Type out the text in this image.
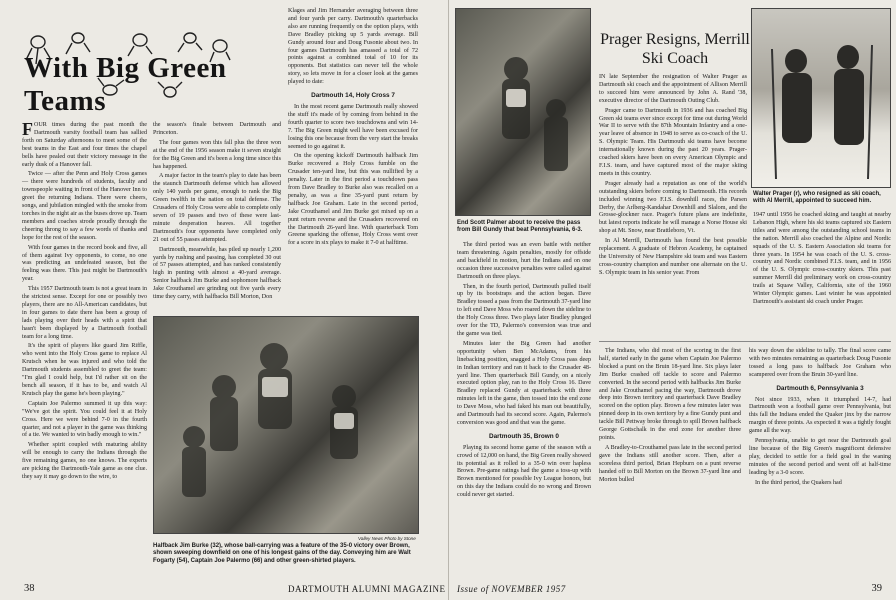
With Big Green Teams

FOUR times during the past month the Dartmouth varsity football team has sallied forth on Saturday afternoons to meet some of the best teams in the East and four times the chapel bells have pealed out their victory message in the early dusk of a Hanover fall.

Twice — after the Penn and Holy Cross games — there were hundreds of students, faculty and townspeople waiting in front of the Hanover Inn to greet the returning Indians. There were cheers, songs, and jubilation mingled with the smoke from torches in the night air as the buses drove up. Team members and coaches strode proudly through the cheering throng to say a few words of thanks and hope for the rest of the season.

With four games in the record book and five, all of them against Ivy opponents, to come, no one was predicting an undefeated season, but the feeling was there. This just might be Dartmouth's year.

This 1957 Dartmouth team is not a great team in the strictest sense. Except for one or possibly two players, there are no All-American candidates, but in four games to date there has been a group of lads playing over their heads with a spirit that hasn't been displayed by a Dartmouth football team for a long time.

It's the spirit of players like guard Jim Riffle, who went into the Holy Cross game to replace Al Krutsch when he was injured and who told the Dartmouth students assembled to greet the team: "I'm glad I could help, but I'd rather sit on the bench all season, if it has to be, and watch Al Krutsch play the game he's been playing."

Captain Joe Palermo summed it up this way: "We've got the spirit. You could feel it at Holy Cross. Here we were behind 7-0 in the fourth quarter, and not a player in the game was thinking of a tie. We wanted to win badly enough to win."

Whether spirit coupled with maturing ability will be enough to carry the Indians through the five remaining games, no one knows. The experts are picking the Dartmouth-Yale game as one clue. they say it may go down to the wire, to

the season's finale between Dartmouth and Princeton.

The four games won this fall plus the three won at the end of the 1956 season make it seven straight for the Big Green and it's been a long time since this has happened.

A major factor in the team's play to date has been the staunch Dartmouth defense which has allowed only 140 yards per game, enough to rank the Big Green twelfth in the nation on total defense. The Crusaders of Holy Cross were able to complete only seven of 19 passes and two of these were last-minute desperation heaves. All together Dartmouth's four opponents have completed only 21 out of 55 passes attempted.

Dartmouth, meanwhile, has piled up nearly 1,200 yards by rushing and passing, has completed 30 out of 57 passes attempted, and has ranked consistently high in punting with almost a 40-yard average. Senior halfback Jim Burke and sophomore halfback Jake Crouthamel are grinding out five yards every time they carry, with halfbacks Bill Morton, Don

Klages and Jim Hernander averaging between three and four yards per carry. Dartmouth's quarterbacks also are running frequently on the option plays, with Dave Bradley picking up 5 yards average. Bill Gundy around four and Doug Fusonie about two. In four games Dartmouth has amassed a total of 72 points against a combined total of 10 for its opponents. But statistics can never tell the whole story, so lets move in for a closer look at the games played to date:

Dartmouth 14, Holy Cross 7

In the most recent game Dartmouth really showed the stuff it's made of by coming from behind in the fourth quarter to score two touchdowns and win 14-7. The Big Green might well have been excused for losing this one because from the very start the breaks seemed to go against it.

On the opening kickoff Dartmouth halfback Jim Burke recovered a Holy Cross fumble on the Crusader ten-yard line, but this was nullified by a penalty. Later in the first period a touchdown pass from Dave Bradley to Burke also was recalled on a penalty, as was a fine 35-yard punt return by halfback Joe Graham. Late in the second period, Jake Crouthamel and Jim Burke got mixed up on a punt return reverse and the Crusaders recovered on the Dartmouth 26-yard line. With quarterback Tom Greene sparking the offense, Holy Cross went over for a score in six plays to make it 7-0 at halftime.

Valley News Photo by Stone
Halfback Jim Burke (32), whose ball-carrying was a feature of the 35-0 victory over Brown, shown sweeping downfield on one of his longest gains of the day. Conveying him are Walt Fogarty (54), Captain Joe Palermo (66) and other green-shirted players.
38	DARTMOUTH ALUMNI MAGAZINE
End Scott Palmer about to receive the pass from Bill Gundy that beat Pennsylvania, 6-3.

The third period was an even battle with neither team threatening. Again penalties, mostly for offside and backfield in motion, hurt the Indians and on one occasion three successive penalties were called against Dartmouth on three plays.

Then, in the fourth period, Dartmouth pulled itself up by its bootstraps and the action began. Dave Bradley tossed a pass from the Dartmouth 37-yard line to left end Dave Moss who roared down the sideline to the Holy Cross three. Two plays later Bradley plunged over for the TD, Palermo's conversion was true and the game was tied.

Minutes later the Big Green had another opportunity when Ben McAdams, from his linebacking position, snagged a Holy Cross pass deep in Indian territory and ran it back to the Crusader 48-yard line. Then quarterback Bill Gundy, on a nicely executed option play, ran to the Holy Cross 16. Dave Bradley replaced Gundy at quarterback with three minutes left in the game, then tossed into the end zone to Dave Moss, who had faked his man out beautifully, and Dartmouth had its second score. Again, Palermo's conversion was good and that was the game.

Dartmouth 35, Brown 0

Playing its second home game of the season with a crowd of 12,000 on hand, the Big Green really showed its potential as it rolled to a 35-0 win over hapless Brown. Pre-game ratings had the game a toss-up with Brown mentioned for possible Ivy League honors, but on this day the Indians could do no wrong and Brown could never get started.

Prager Resigns, Merrill Ski Coach

IN late September the resignation of Walter Prager as Dartmouth ski coach and the appointment of Allison Merrill to succeed him were announced by John A. Rand '38, executive director of the Dartmouth Outing Club.

Prager came to Dartmouth in 1936 and has coached Big Green ski teams ever since except for time out during World War II to serve with the 87th Mountain Infantry and a one-year leave of absence in 1948 to serve as co-coach of the U. S. Olympic Team. His Dartmouth ski teams have become internationally known during the past 20 years. Prager-coached skiers have been on every American Olympic and F.I.S. team, and have captured most of the major skiing meets in this country.

Prager already had a reputation as one of the world's outstanding skiers before coming to Dartmouth. His records included winning two F.I.S. downhill races, the Parsen Derby, the Arlberg-Kandahar Downhill and Slalom, and the Grosse-glockner race. Prager's future plans are indefinite, but latest reports indicate he will manage a Norse House ski shop at Mt. Snow, near Brattleboro, Vt.

In Al Merrill, Dartmouth has found the best possible replacement. A graduate of Hebron Academy, he captained the University of New Hampshire ski team and was Eastern cross-country champion and number one alternate on the U. S. Olympic team in his senior year. From

Walter Prager (r), who resigned as ski coach, with Al Merrill, appointed to succeed him.

1947 until 1956 he coached skiing and taught at nearby Lebanon High, where his ski teams captured six Eastern titles and were among the outstanding school teams in the nation. Merrill also coached the Alpine and Nordic squads of the U. S. Eastern Association ski teams for three years. In 1954 he was coach of the U. S. cross-country and Nordic combined F.I.S. team, and in 1956 of the U. S. Olympic cross-country skiers. This past summer Merrill did preliminary work on cross-country trails at Squaw Valley, California, site of the 1960 Winter Olympic games. Last winter he was appointed Dartmouth's assistant ski coach under Prager.

The Indians, who did most of the scoring in the first half, started early in the game when Captain Joe Palermo blocked a punt on the Bruin 18-yard line. Six plays later Jim Burke crashed off tackle to score and Palermo converted. In the second period with halfbacks Jim Burke and Jake Crouthamel pacing the way, Dartmouth drove deep into Brown territory and quarterback Dave Bradley scored on the option play. Brown a few minutes later was pinned deep in its own territory by a fine Gundy punt and tackle Bill Pettway broke through to spill Brown halfback George Gottschalk in the end zone for another three points.

A Bradley-to-Crouthamel pass late in the second period gave the Indians still another score. Then, after a scoreless third period, Brian Hepburn on a punt reverse handed off to Bill Morton on the Brown 37-yard line and Morton bulled

his way down the sideline to tally. The final score came with two minutes remaining as quarterback Doug Fusonie tossed a long pass to halfback Joe Graham who scampered over from the Bruin 30-yard line.

Dartmouth 6, Pennsylvania 3

Not since 1933, when it triumphed 14-7, had Dartmouth won a football game over Pennsylvania, but this fall the Indians ended the Quaker jinx by the narrow margin of three points. As expected it was a tightly fought game all the way.

Pennsylvania, unable to get near the Dartmouth goal line because of the Big Green's magnificent defensive play, decided to settle for a field goal in the waning minutes of the second period and went off at half-time leading by a 3-0 score.

In the third period, the Quakers had

Issue of NOVEMBER 1957	39
